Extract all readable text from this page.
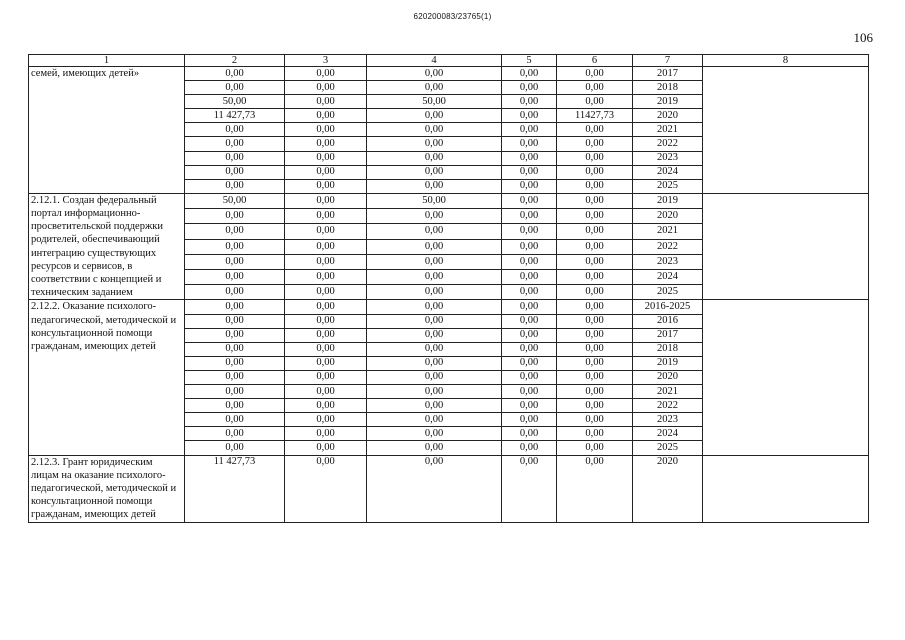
620200083/23765(1)
106
1	2	3	4	5	6	7	8
семей, имеющих детей»	0,00	0,00	0,00	0,00	0,00	2017	
	0,00	0,00	0,00	0,00	0,00	2018	
	50,00	0,00	50,00	0,00	0,00	2019	
	11 427,73	0,00	0,00	0,00	11427,73	2020	
	0,00	0,00	0,00	0,00	0,00	2021	
	0,00	0,00	0,00	0,00	0,00	2022	
	0,00	0,00	0,00	0,00	0,00	2023	
	0,00	0,00	0,00	0,00	0,00	2024	
	0,00	0,00	0,00	0,00	0,00	2025	
2.12.1. Создан федеральный портал информационно-просветительской поддержки родителей, обеспечивающий интеграцию существующих ресурсов и сервисов, в соответствии с концепцией и техническим заданием	50,00	0,00	50,00	0,00	0,00	2019	
	0,00	0,00	0,00	0,00	0,00	2020	
	0,00	0,00	0,00	0,00	0,00	2021	
	0,00	0,00	0,00	0,00	0,00	2022	
	0,00	0,00	0,00	0,00	0,00	2023	
	0,00	0,00	0,00	0,00	0,00	2024	
	0,00	0,00	0,00	0,00	0,00	2025	
2.12.2. Оказание психолого-педагогической, методической и консультационной помощи гражданам, имеющих детей	0,00	0,00	0,00	0,00	0,00	2016-2025	
	0,00	0,00	0,00	0,00	0,00	2016	
	0,00	0,00	0,00	0,00	0,00	2017	
	0,00	0,00	0,00	0,00	0,00	2018	
	0,00	0,00	0,00	0,00	0,00	2019	
	0,00	0,00	0,00	0,00	0,00	2020	
	0,00	0,00	0,00	0,00	0,00	2021	
	0,00	0,00	0,00	0,00	0,00	2022	
	0,00	0,00	0,00	0,00	0,00	2023	
	0,00	0,00	0,00	0,00	0,00	2024	
	0,00	0,00	0,00	0,00	0,00	2025	
2.12.3. Грант юридическим лицам на оказание психолого-педагогической, методической и консультационной помощи гражданам, имеющих детей	11 427,73	0,00	0,00	0,00	0,00	2020	
